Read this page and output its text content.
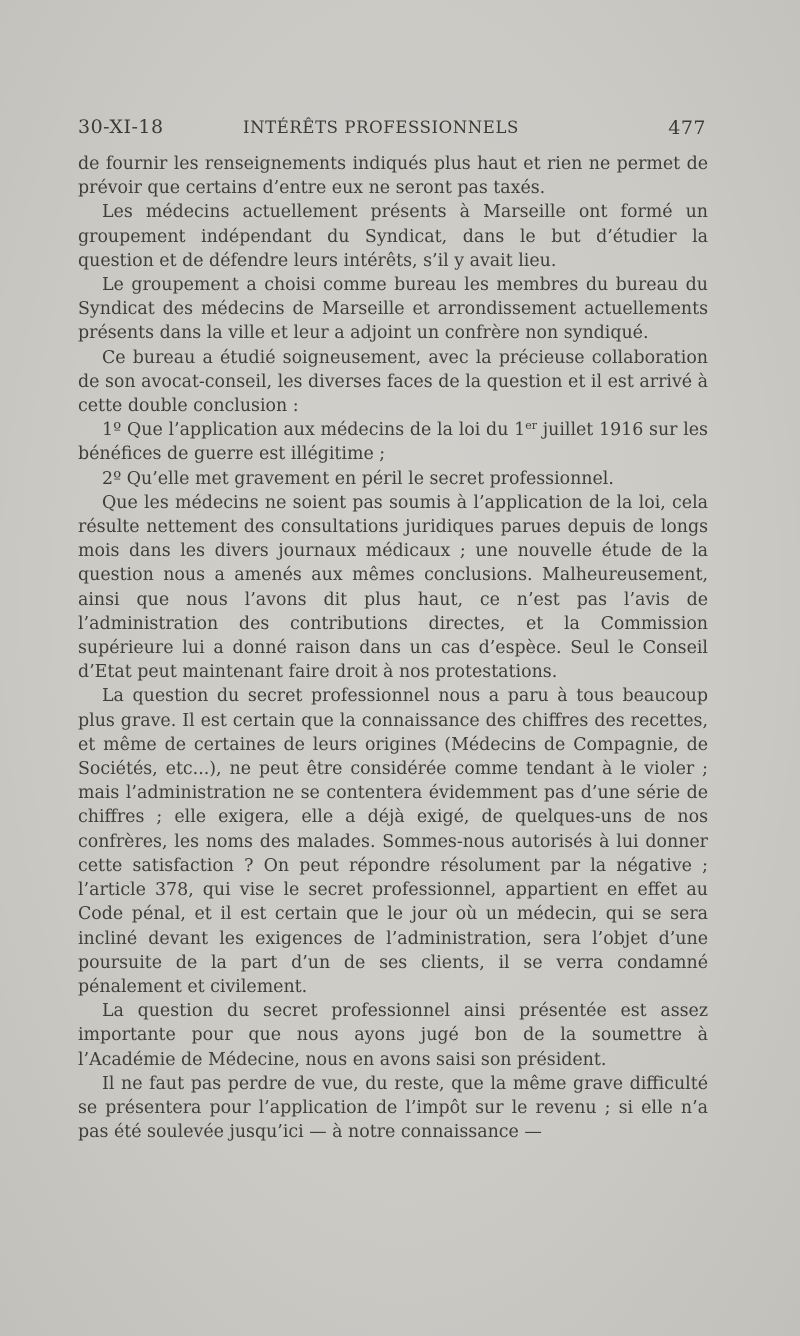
30-XI-18	INTÉRÊTS PROFESSIONNELS	477

de fournir les renseignements indiqués plus haut et rien ne permet de prévoir que certains d’entre eux ne seront pas taxés.

Les médecins actuellement présents à Marseille ont formé un groupement indépendant du Syndicat, dans le but d’étudier la question et de défendre leurs intérêts, s’il y avait lieu.

Le groupement a choisi comme bureau les membres du bureau du Syndicat des médecins de Marseille et arrondissement actuellements présents dans la ville et leur a adjoint un confrère non syndiqué.

Ce bureau a étudié soigneusement, avec la précieuse collaboration de son avocat-conseil, les diverses faces de la question et il est arrivé à cette double conclusion :

1º Que l’application aux médecins de la loi du 1er juillet 1916 sur les bénéfices de guerre est illégitime ;

2º Qu’elle met gravement en péril le secret professionnel.

Que les médecins ne soient pas soumis à l’application de la loi, cela résulte nettement des consultations juridiques parues depuis de longs mois dans les divers journaux médicaux ; une nouvelle étude de la question nous a amenés aux mêmes conclusions. Malheureusement, ainsi que nous l’avons dit plus haut, ce n’est pas l’avis de l’administration des contributions directes, et la Commission supérieure lui a donné raison dans un cas d’espèce. Seul le Conseil d’Etat peut maintenant faire droit à nos protestations.

La question du secret professionnel nous a paru à tous beaucoup plus grave. Il est certain que la connaissance des chiffres des recettes, et même de certaines de leurs origines (Médecins de Compagnie, de Sociétés, etc...), ne peut être considérée comme tendant à le violer ; mais l’administration ne se contentera évidemment pas d’une série de chiffres ; elle exigera, elle a déjà exigé, de quelques-uns de nos confrères, les noms des malades. Sommes-nous autorisés à lui donner cette satisfaction ? On peut répondre résolument par la négative ; l’article 378, qui vise le secret professionnel, appartient en effet au Code pénal, et il est certain que le jour où un médecin, qui se sera incliné devant les exigences de l’administration, sera l’objet d’une poursuite de la part d’un de ses clients, il se verra condamné pénalement et civilement.

La question du secret professionnel ainsi présentée est assez importante pour que nous ayons jugé bon de la soumettre à l’Académie de Médecine, nous en avons saisi son président.

Il ne faut pas perdre de vue, du reste, que la même grave difficulté se présentera pour l’application de l’impôt sur le revenu ; si elle n’a pas été soulevée jusqu’ici — à notre connaissance —
